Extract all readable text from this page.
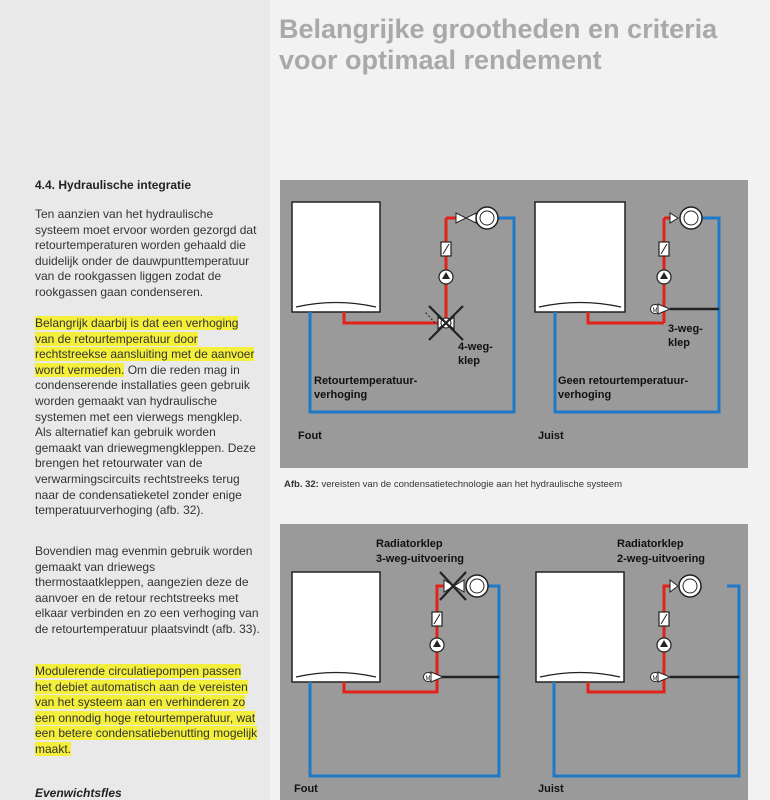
Belangrijke grootheden en criteria voor optimaal rendement

4.4. Hydraulische integratie

Ten aanzien van het hydraulische systeem moet ervoor worden gezorgd dat retourtemperaturen worden gehaald die duidelijk onder de dauwpunttemperatuur van de rookgassen liggen zodat de rookgassen gaan condenseren.

Belangrijk daarbij is dat een verhoging van de retourtemperatuur door rechtstreekse aansluiting met de aanvoer wordt vermeden. Om die reden mag in condenserende installaties geen gebruik worden gemaakt van hydraulische systemen met een vierwegs mengklep. Als alternatief kan gebruik worden gemaakt van driewegmengkleppen. Deze brengen het retourwater van de verwarmingscircuits rechtstreeks terug naar de condensatieketel zonder enige temperatuurverhoging (afb. 32).

Bovendien mag evenmin gebruik worden gemaakt van driewegs thermostaatkleppen, aangezien deze de aanvoer en de retour rechtstreeks met elkaar verbinden en zo een verhoging van de retourtemperatuur plaatsvindt (afb. 33).

Modulerende circulatiepompen passen het debiet automatisch aan de vereisten van het systeem aan en verhinderen zo een onnodig hoge retourtemperatuur, wat een betere condensatiebenutting mogelijk maakt.

Evenwichtsfles
4-weg- klep
Retourtemperatuur- verhoging
Fout
M
3-weg- klep
Geen retourtemperatuur- verhoging
Juist
Afb. 32: vereisten van de condensatietechnologie aan het hydraulische systeem
Radiatorklep 3-weg-uitvoering
M
Fout
Radiatorklep 2-weg-uitvoering
M
Juist
